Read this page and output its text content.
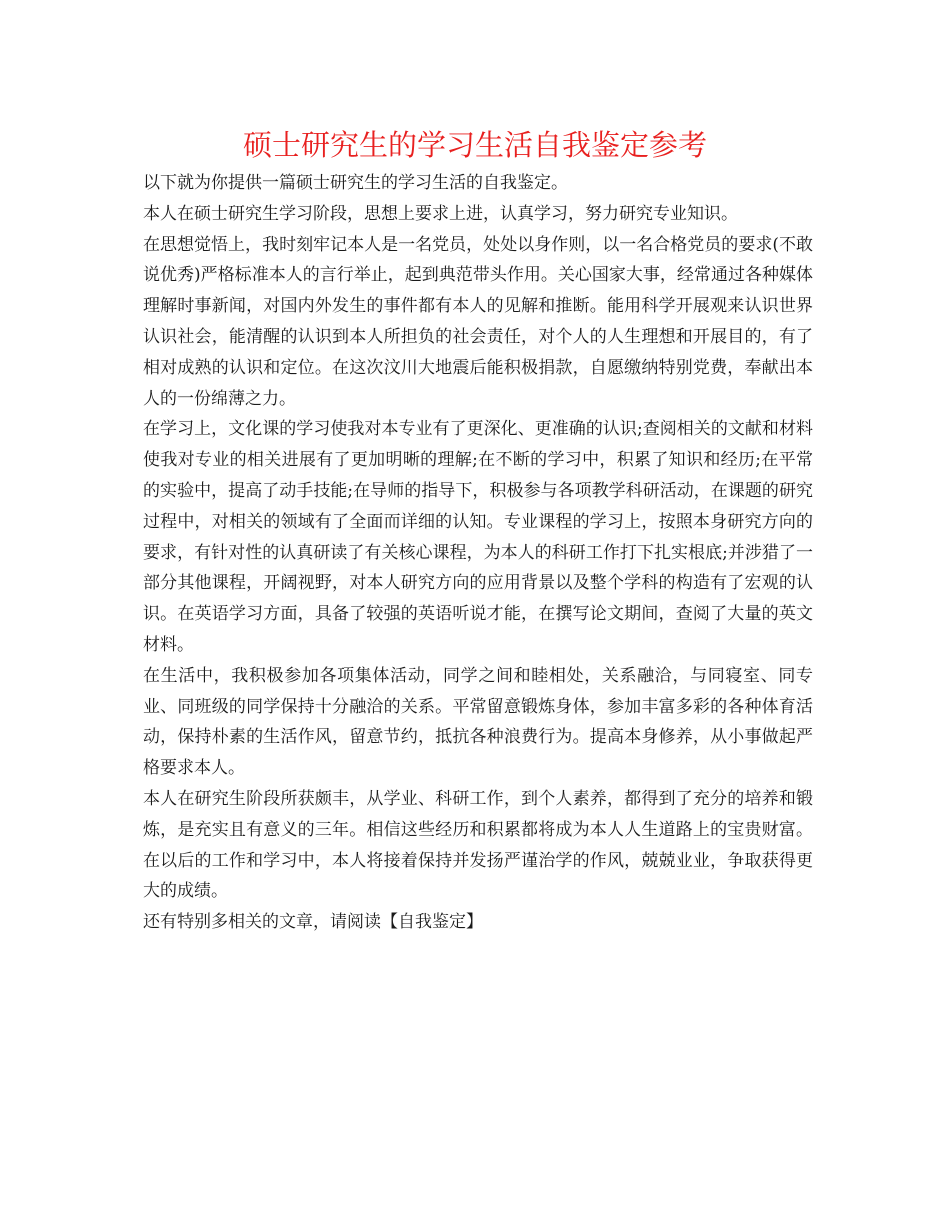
硕士研究生的学习生活自我鉴定参考

以下就为你提供一篇硕士研究生的学习生活的自我鉴定。

本人在硕士研究生学习阶段，思想上要求上进，认真学习，努力研究专业知识。

在思想觉悟上，我时刻牢记本人是一名党员，处处以身作则，以一名合格党员的要求(不敢说优秀)严格标准本人的言行举止，起到典范带头作用。关心国家大事，经常通过各种媒体理解时事新闻，对国内外发生的事件都有本人的见解和推断。能用科学开展观来认识世界认识社会，能清醒的认识到本人所担负的社会责任，对个人的人生理想和开展目的，有了相对成熟的认识和定位。在这次汶川大地震后能积极捐款，自愿缴纳特别党费，奉献出本人的一份绵薄之力。

在学习上，文化课的学习使我对本专业有了更深化、更准确的认识;查阅相关的文献和材料使我对专业的相关进展有了更加明晰的理解;在不断的学习中，积累了知识和经历;在平常的实验中，提高了动手技能;在导师的指导下，积极参与各项教学科研活动，在课题的研究过程中，对相关的领域有了全面而详细的认知。专业课程的学习上，按照本身研究方向的要求，有针对性的认真研读了有关核心课程，为本人的科研工作打下扎实根底;并涉猎了一部分其他课程，开阔视野，对本人研究方向的应用背景以及整个学科的构造有了宏观的认识。在英语学习方面，具备了较强的英语听说才能，在撰写论文期间，查阅了大量的英文材料。

在生活中，我积极参加各项集体活动，同学之间和睦相处，关系融洽，与同寝室、同专业、同班级的同学保持十分融洽的关系。平常留意锻炼身体，参加丰富多彩的各种体育活动，保持朴素的生活作风，留意节约，抵抗各种浪费行为。提高本身修养，从小事做起严格要求本人。

本人在研究生阶段所获颇丰，从学业、科研工作，到个人素养，都得到了充分的培养和锻炼，是充实且有意义的三年。相信这些经历和积累都将成为本人人生道路上的宝贵财富。在以后的工作和学习中，本人将接着保持并发扬严谨治学的作风，兢兢业业，争取获得更大的成绩。

还有特别多相关的文章，请阅读【自我鉴定】
